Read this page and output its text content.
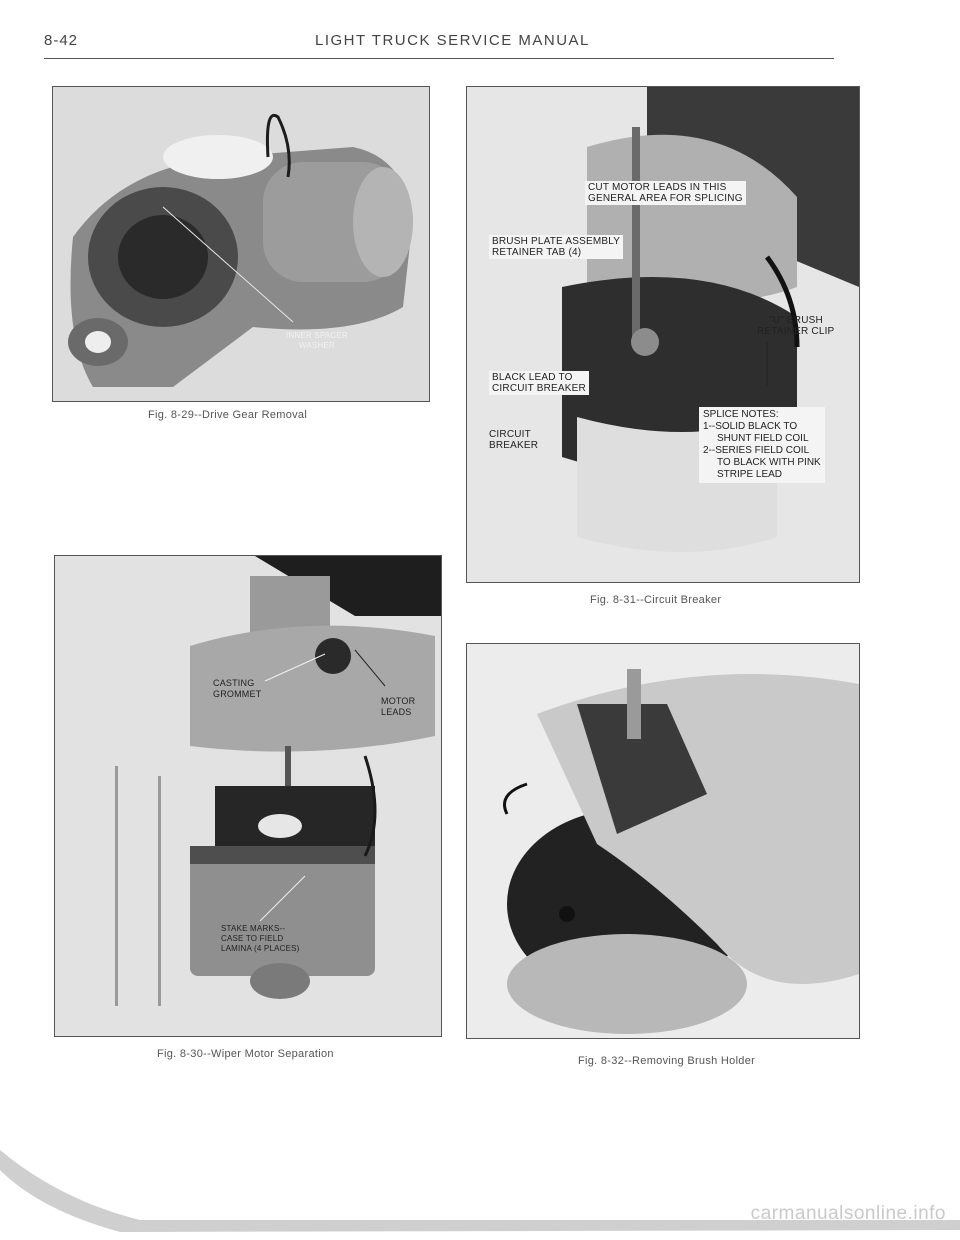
8-42	LIGHT TRUCK SERVICE MANUAL
INNER SPACER
WASHER
Fig. 8-29--Drive Gear Removal
CASTING
GROMMET
MOTOR
LEADS
STAKE MARKS--
CASE TO FIELD
LAMINA (4 PLACES)
Fig. 8-30--Wiper Motor Separation
CUT MOTOR LEADS IN THIS
GENERAL AREA FOR SPLICING
BRUSH PLATE ASSEMBLY
RETAINER TAB (4)
"U" BRUSH
RETAINER CLIP
BLACK LEAD TO
CIRCUIT BREAKER
CIRCUIT
BREAKER
SPLICE NOTES:
1--SOLID BLACK TO
SHUNT FIELD COIL
2--SERIES FIELD COIL
TO BLACK WITH PINK
STRIPE LEAD
Fig. 8-31--Circuit Breaker
Fig. 8-32--Removing Brush Holder
carmanualsonline.info
